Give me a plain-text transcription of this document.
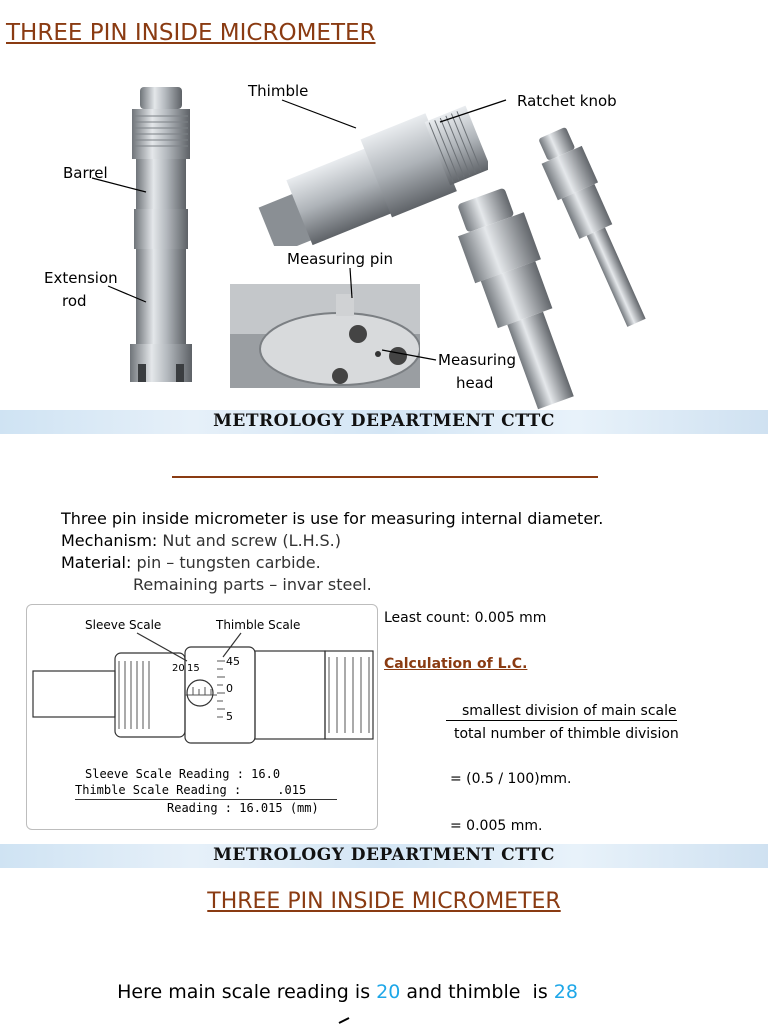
THREE PIN INSIDE MICROMETER
Thimble
Ratchet knob
Barrel
Extension
rod
Measuring pin
Measuring
head
METROLOGY DEPARTMENT CTTC
Three pin inside micrometer is use for measuring internal diameter.
Mechanism: Nut and screw (L.H.S.)
Material: pin – tungsten carbide.
Remaining parts – invar steel.
Sleeve Scale	Thimble Scale
20 15
45
0
5
Sleeve Scale Reading : 16.0
Thimble Scale Reading :     .015
Reading : 16.015 (mm)
Least count: 0.005 mm
Calculation of L.C.
smallest division of main scale
total number of thimble division
= (0.5 / 100)mm.
= 0.005 mm.
METROLOGY DEPARTMENT CTTC
THREE PIN INSIDE MICROMETER

Here main scale reading is 20 and thimble  is 28
